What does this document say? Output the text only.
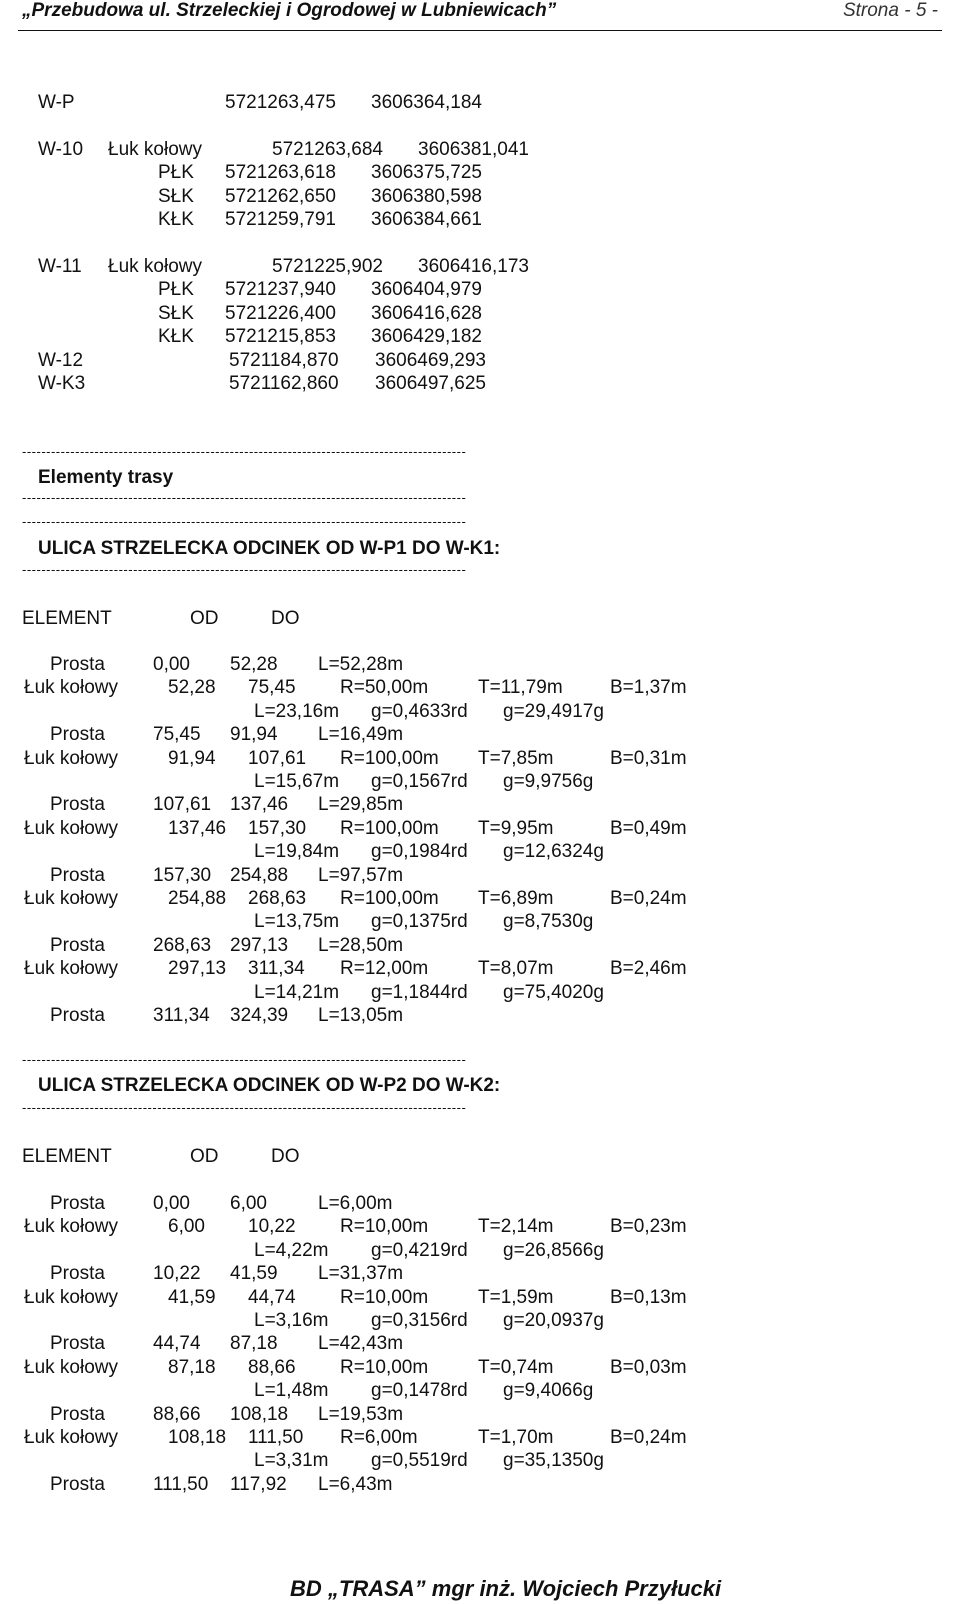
„Przebudowa ul. Strzeleckiej i Ogrodowej w Lubniewicach”	Strona - 5 -
W-P	5721263,475 3606364,184
W-10 Łuk kołowy	5721263,684 3606381,041
PŁK 5721263,618 3606375,725
SŁK 5721262,650 3606380,598
KŁK 5721259,791 3606384,661
W-11 Łuk kołowy	5721225,902 3606416,173
PŁK 5721237,940 3606404,979
SŁK 5721226,400 3606416,628
KŁK 5721215,853 3606429,182
W-12	5721184,870 3606469,293
W-K3	5721162,860 3606497,625
--------------------------------------------------------------------------------------------
Elementy trasy
--------------------------------------------------------------------------------------------
--------------------------------------------------------------------------------------------
ULICA STRZELECKA ODCINEK OD W-P1 DO W-K1:
--------------------------------------------------------------------------------------------
ELEMENT	OD	DO
Prosta	0,00 52,28 L=52,28m
Łuk kołowy	52,28 75,45 R=50,00m	T=11,79m B=1,37m
L=23,16m g=0,4633rd g=29,4917g
Prosta	75,45 91,94 L=16,49m
Łuk kołowy	91,94 107,61 R=100,00m T=7,85m	B=0,31m
L=15,67m g=0,1567rd g=9,9756g
Prosta	107,61 137,46 L=29,85m
Łuk kołowy	137,46 157,30 R=100,00m T=9,95m	B=0,49m
L=19,84m g=0,1984rd g=12,6324g
Prosta	157,30 254,88 L=97,57m
Łuk kołowy	254,88 268,63 R=100,00m T=6,89m	B=0,24m
L=13,75m g=0,1375rd g=8,7530g
Prosta	268,63 297,13 L=28,50m
Łuk kołowy	297,13 311,34 R=12,00m	T=8,07m	B=2,46m
L=14,21m g=1,1844rd g=75,4020g
Prosta	311,34 324,39 L=13,05m
--------------------------------------------------------------------------------------------
ULICA STRZELECKA ODCINEK OD W-P2 DO W-K2:
--------------------------------------------------------------------------------------------
ELEMENT	OD	DO
Prosta	0,00 6,00	L=6,00m
Łuk kołowy	6,00 10,22 R=10,00m	T=2,14m	B=0,23m
L=4,22m g=0,4219rd g=26,8566g
Prosta	10,22 41,59 L=31,37m
Łuk kołowy	41,59 44,74 R=10,00m	T=1,59m	B=0,13m
L=3,16m g=0,3156rd g=20,0937g
Prosta	44,74 87,18 L=42,43m
Łuk kołowy	87,18 88,66 R=10,00m	T=0,74m	B=0,03m
L=1,48m g=0,1478rd g=9,4066g
Prosta	88,66 108,18 L=19,53m
Łuk kołowy	108,18 111,50 R=6,00m	T=1,70m	B=0,24m
L=3,31m g=0,5519rd g=35,1350g
Prosta	111,50 117,92 L=6,43m
BD „TRASA” mgr inż. Wojciech Przyłucki
